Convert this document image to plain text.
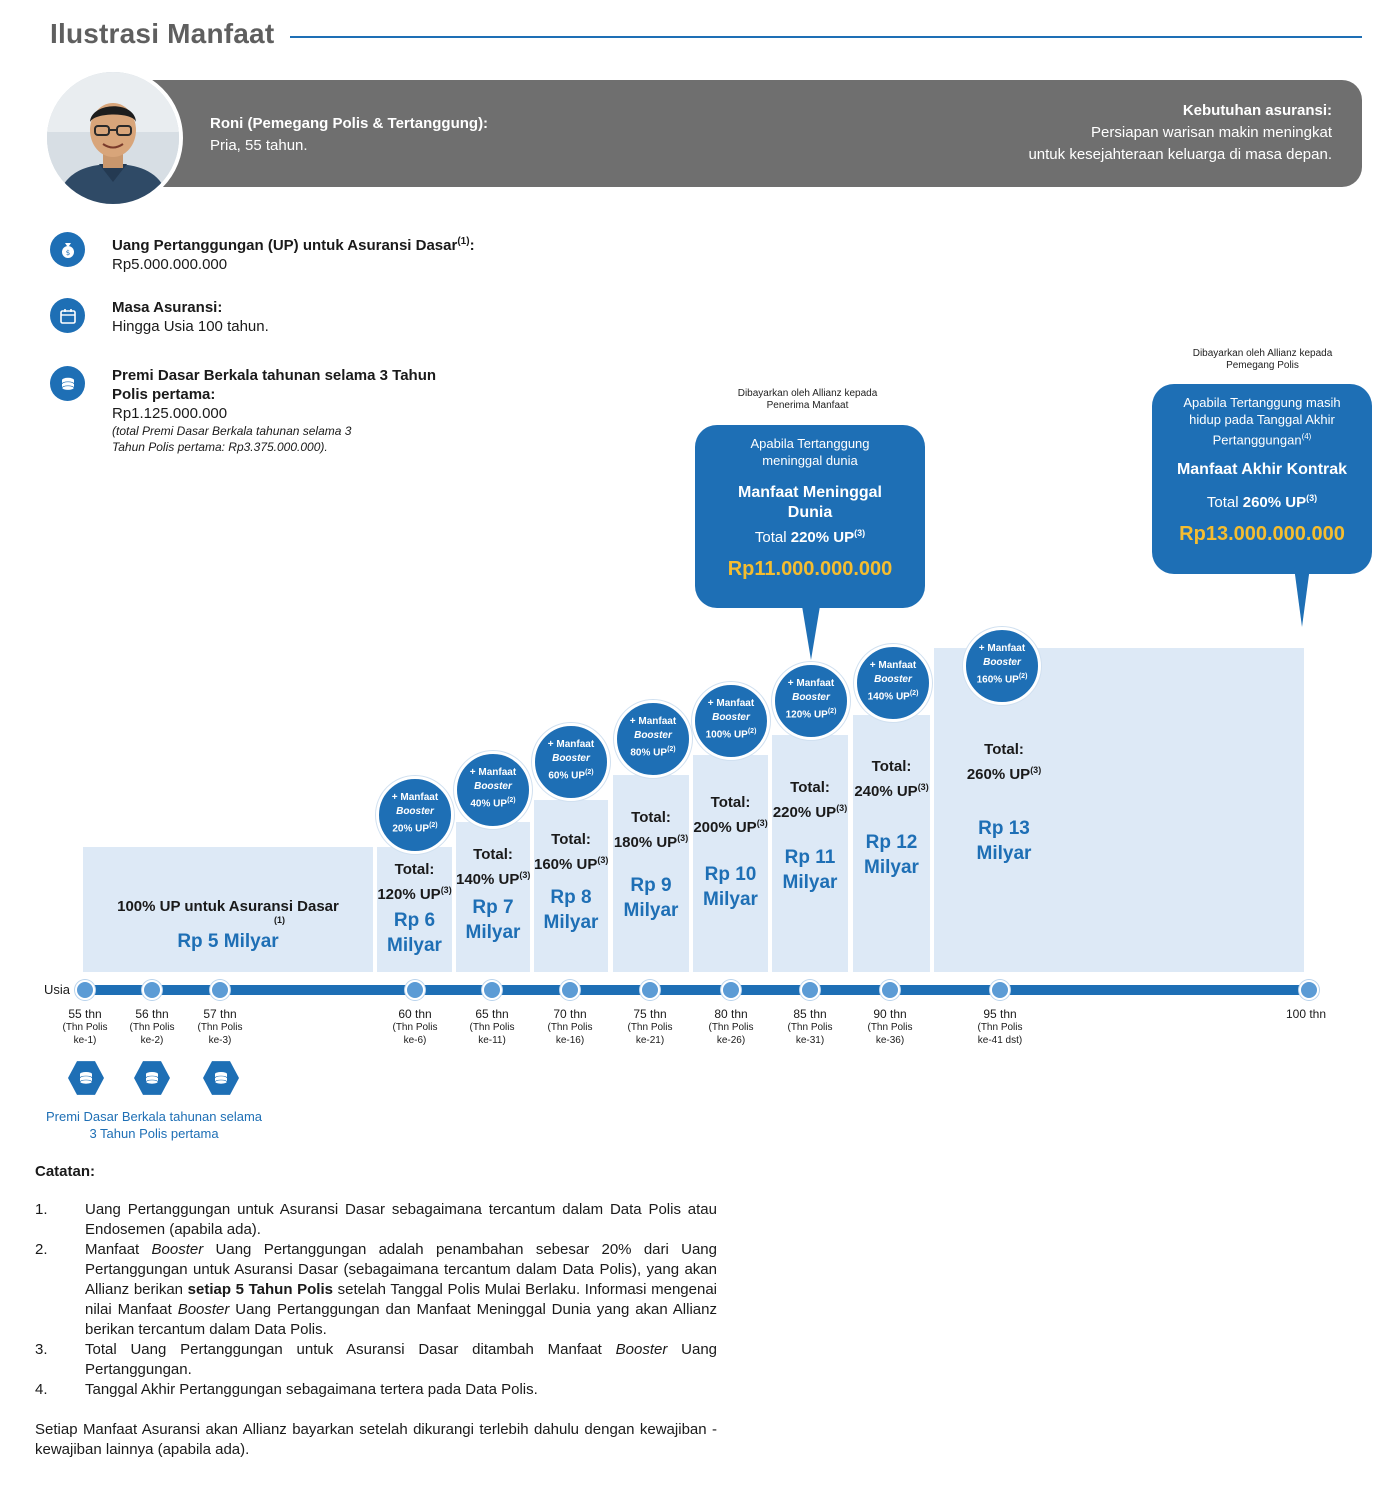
Ilustrasi Manfaat
Roni (Pemegang Polis & Tertanggung):
Pria, 55 tahun.
Kebutuhan asuransi:
Persiapan warisan makin meningkat
untuk kesejahteraan keluarga di masa depan.
$	Uang Pertanggungan (UP) untuk Asuransi Dasar$^{(1)}$:
Rp5.000.000.000
Masa Asuransi:
Hingga Usia 100 tahun.
Premi Dasar Berkala tahunan selama 3 Tahun Polis pertama:
Rp1.125.000.000
(total Premi Dasar Berkala tahunan selama 3 Tahun Polis pertama: Rp3.375.000.000).
Dibayarkan oleh Allianz kepada
Penerima Manfaat
Apabila Tertanggung
meninggal dunia
Manfaat Meninggal
Dunia
Total 220% UP$^{(3)}$
Rp11.000.000.000
Dibayarkan oleh Allianz kepada
Pemegang Polis
Apabila Tertanggung masih
hidup pada Tanggal Akhir
Pertanggungan$^{(4)}$
Manfaat Akhir Kontrak
Total 260% UP$^{(3)}$
Rp13.000.000.000
Total:
120% UP$^{(3)}$
Rp 6
Milyar
+ Manfaat
Booster
20% UP$^{(2)}$
Total:
140% UP$^{(3)}$
Rp 7
Milyar
+ Manfaat
Booster
40% UP$^{(2)}$
Total:
160% UP$^{(3)}$
Rp 8
Milyar
+ Manfaat
Booster
60% UP$^{(2)}$
Total:
180% UP$^{(3)}$
Rp 9
Milyar
+ Manfaat
Booster
80% UP$^{(2)}$
Total:
200% UP$^{(3)}$
Rp 10
Milyar
+ Manfaat
Booster
100% UP$^{(2)}$
Total:
220% UP$^{(3)}$
Rp 11
Milyar
+ Manfaat
Booster
120% UP$^{(2)}$
Total:
240% UP$^{(3)}$
Rp 12
Milyar
+ Manfaat
Booster
140% UP$^{(2)}$
Total:
260% UP$^{(3)}$
Rp 13
Milyar
+ Manfaat
Booster
160% UP$^{(2)}$
100% UP untuk Asuransi Dasar
(1)
Rp 5 Milyar
Usia
55 thn
(Thn Polis
ke-1)
56 thn
(Thn Polis
ke-2)
57 thn
(Thn Polis
ke-3)
60 thn
(Thn Polis
ke-6)
65 thn
(Thn Polis
ke-11)
70 thn
(Thn Polis
ke-16)
75 thn
(Thn Polis
ke-21)
80 thn
(Thn Polis
ke-26)
85 thn
(Thn Polis
ke-31)
90 thn
(Thn Polis
ke-36)
95 thn
(Thn Polis
ke-41 dst)
100 thn
Premi Dasar Berkala tahunan selama
3 Tahun Polis pertama
Catatan:
1. Uang Pertanggungan untuk Asuransi Dasar sebagaimana tercantum dalam Data Polis atau Endosemen (apabila ada).
2. Manfaat Booster Uang Pertanggungan adalah penambahan sebesar 20% dari Uang Pertanggungan untuk Asuransi Dasar (sebagaimana tercantum dalam Data Polis), yang akan Allianz berikan setiap 5 Tahun Polis setelah Tanggal Polis Mulai Berlaku. Informasi mengenai nilai Manfaat Booster Uang Pertanggungan dan Manfaat Meninggal Dunia yang akan Allianz berikan tercantum dalam Data Polis.
3. Total Uang Pertanggungan untuk Asuransi Dasar ditambah Manfaat Booster Uang Pertanggungan.
4. Tanggal Akhir Pertanggungan sebagaimana tertera pada Data Polis.
Setiap Manfaat Asuransi akan Allianz bayarkan setelah dikurangi terlebih dahulu dengan kewajiban - kewajiban lainnya (apabila ada).
